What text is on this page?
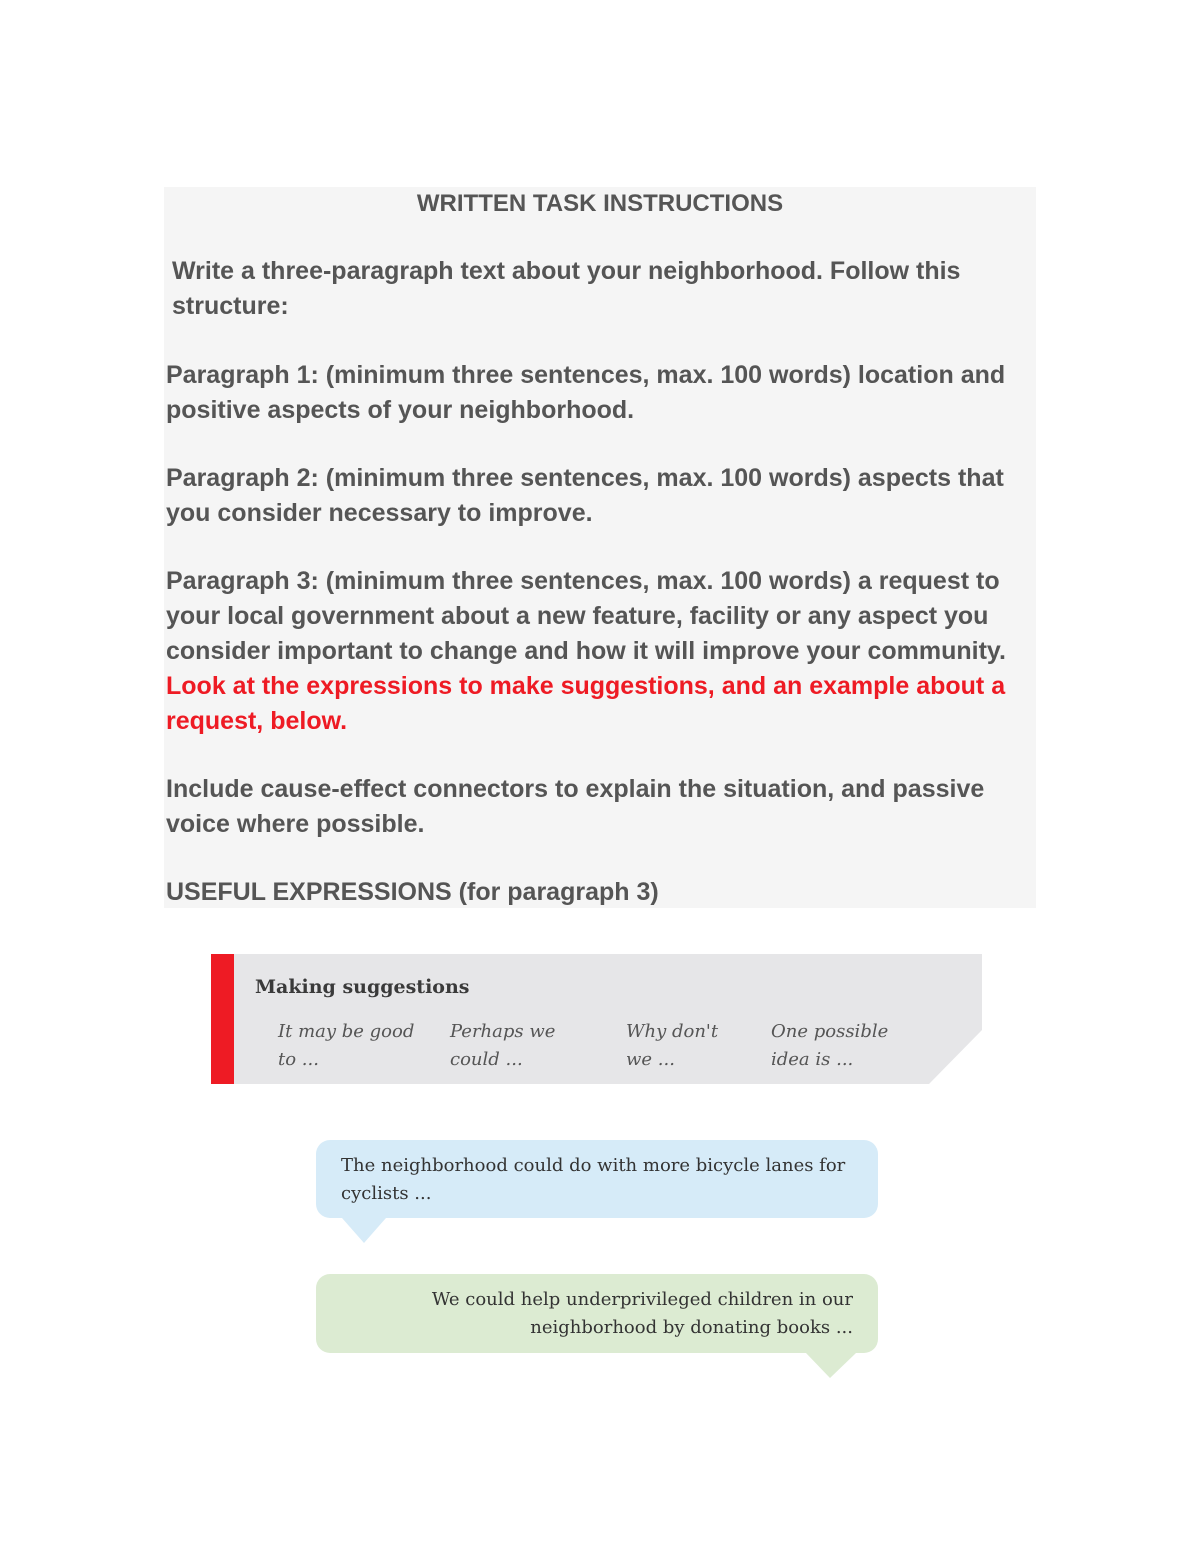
WRITTEN TASK INSTRUCTIONS

Write a three-paragraph text about your neighborhood. Follow this structure:

Paragraph 1: (minimum three sentences, max. 100 words) location and positive aspects of your neighborhood.

Paragraph 2: (minimum three sentences, max. 100 words) aspects that you consider necessary to improve.

Paragraph 3: (minimum three sentences, max. 100 words) a request to your local government about a new feature, facility or any aspect you consider important to change and how it will improve your community. Look at the expressions to make suggestions, and an example about a request, below.

Include cause-effect connectors to explain the situation, and passive voice where possible.

USEFUL EXPRESSIONS (for paragraph 3)

Making suggestions
It may be good to ...
Perhaps we could ...
Why don't we ...
One possible idea is ...
The neighborhood could do with more bicycle lanes for cyclists ...
We could help underprivileged children in our neighborhood by donating books ...
